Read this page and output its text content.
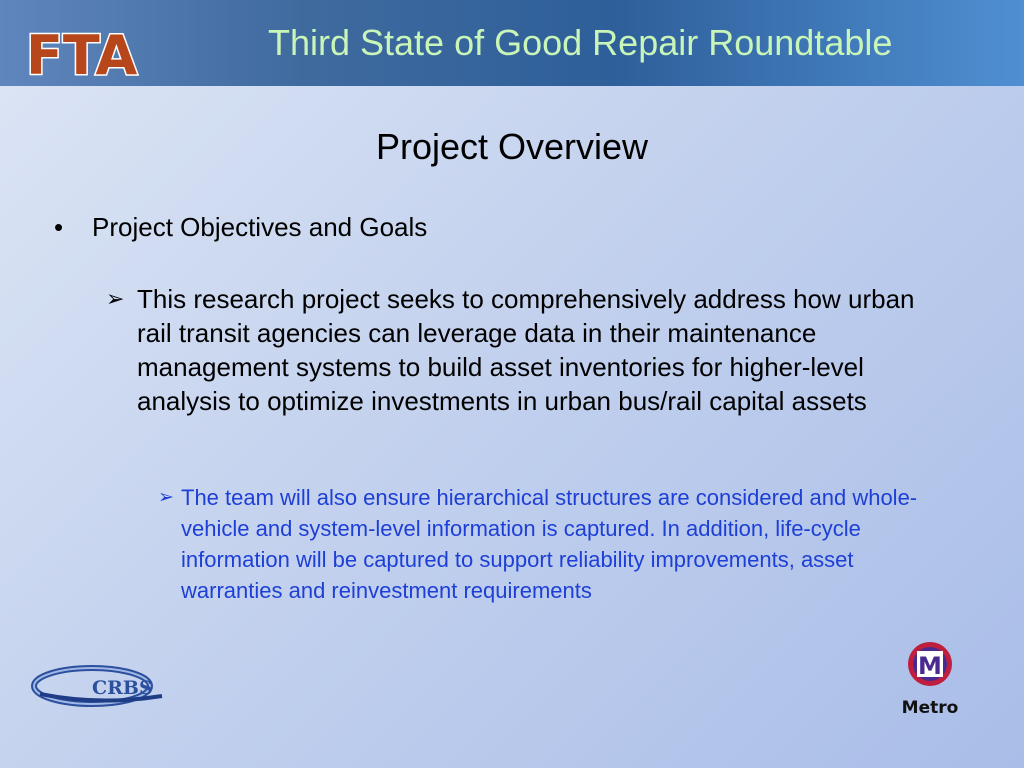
FTA	Third State of Good Repair Roundtable
Project Overview
• Project Objectives and Goals
➢ This research project seeks to comprehensively address how urban rail transit agencies can leverage data in their maintenance management systems to build asset inventories for higher-level analysis to optimize investments in urban bus/rail capital assets
➢ The team will also ensure hierarchical structures are considered and whole-vehicle and system-level information is captured. In addition, life-cycle information will be captured to support reliability improvements, asset warranties and reinvestment requirements
CRBS
M
Metro
